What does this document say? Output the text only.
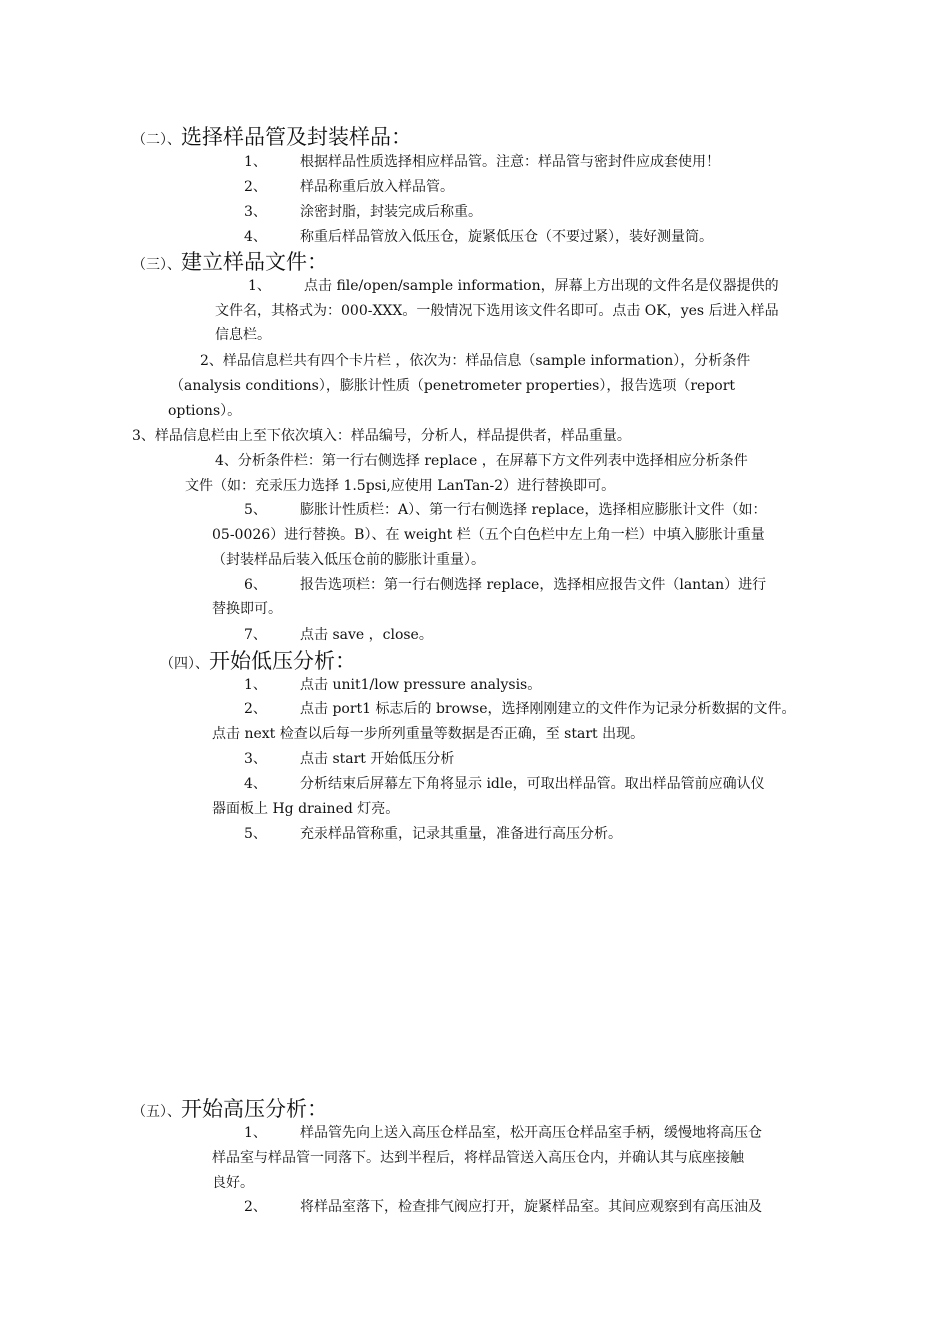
（二）、选择样品管及封装样品：
1、 根据样品性质选择相应样品管。注意：样品管与密封件应成套使用！
2、 样品称重后放入样品管。
3、 涂密封脂，封装完成后称重。
4、 称重后样品管放入低压仓，旋紧低压仓（不要过紧），装好测量筒。
（三）、建立样品文件：
1、 点击 file/open/sample information，屏幕上方出现的文件名是仪器提供的
文件名，其格式为：000-XXX。一般情况下选用该文件名即可。点击 OK，yes 后进入样品
信息栏。
2、样品信息栏共有四个卡片栏 ，依次为：样品信息（sample information），分析条件
（analysis conditions），膨胀计性质（penetrometer properties），报告选项（report
options）。
3、样品信息栏由上至下依次填入：样品编号，分析人，样品提供者，样品重量。
4、分析条件栏：第一行右侧选择 replace ，在屏幕下方文件列表中选择相应分析条件
文件（如：充汞压力选择 1.5psi,应使用 LanTan-2）进行替换即可。
5、 膨胀计性质栏：A）、第一行右侧选择 replace，选择相应膨胀计文件（如：
05-0026）进行替换。B）、在 weight 栏（五个白色栏中左上角一栏）中填入膨胀计重量
（封装样品后装入低压仓前的膨胀计重量）。
6、 报告选项栏：第一行右侧选择 replace，选择相应报告文件（lantan）进行
替换即可。
7、 点击 save ，close。
（四）、开始低压分析：
1、 点击 unit1/low pressure analysis。
2、 点击 port1 标志后的 browse，选择刚刚建立的文件作为记录分析数据的文件。
点击 next 检查以后每一步所列重量等数据是否正确，至 start 出现。
3、 点击 start 开始低压分析
4、 分析结束后屏幕左下角将显示 idle，可取出样品管。取出样品管前应确认仪
器面板上 Hg drained 灯亮。
5、 充汞样品管称重，记录其重量，准备进行高压分析。
（五）、开始高压分析：
1、 样品管先向上送入高压仓样品室，松开高压仓样品室手柄，缓慢地将高压仓
样品室与样品管一同落下。达到半程后，将样品管送入高压仓内，并确认其与底座接触
良好。
2、 将样品室落下，检查排气阀应打开，旋紧样品室。其间应观察到有高压油及
